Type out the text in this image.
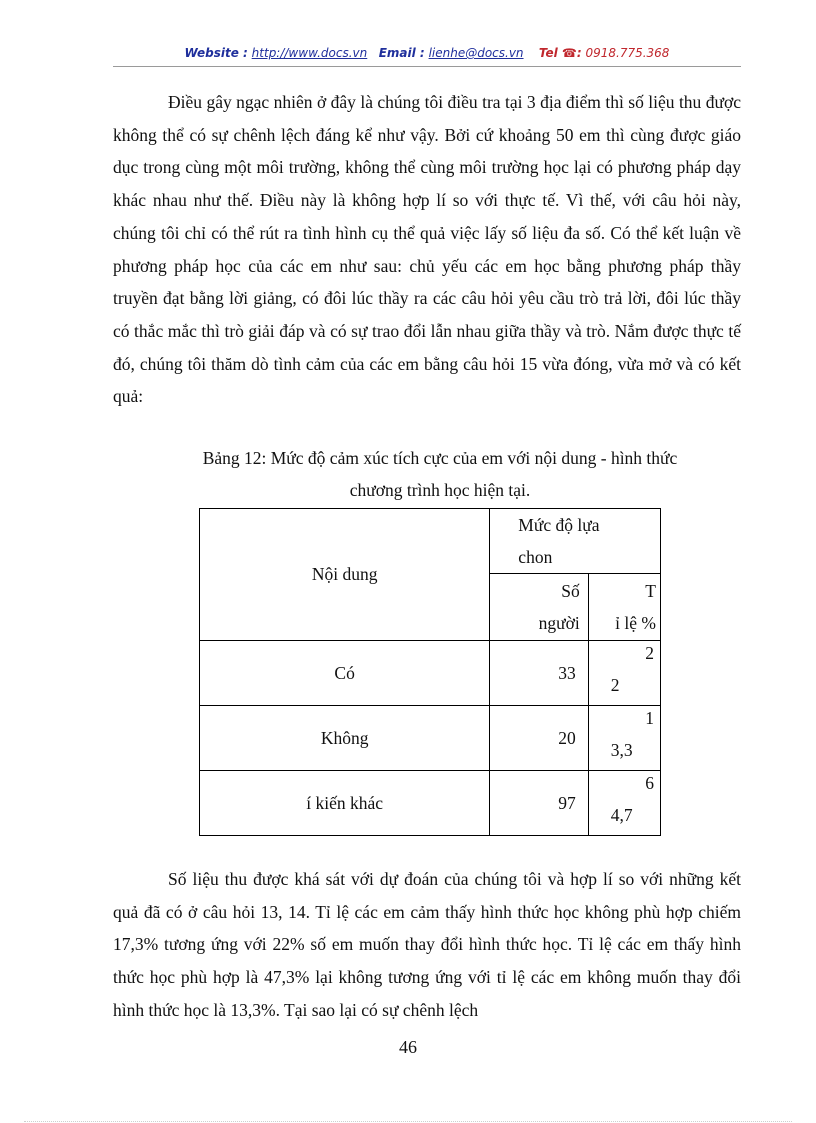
Website : http://www.docs.vn Email : lienhe@docs.vn Tel ☎: 0918.775.368

Điều gây ngạc nhiên ở đây là chúng tôi điều tra tại 3 địa điểm thì số liệu thu được không thể có sự chênh lệch đáng kể như vậy. Bởi cứ khoảng 50 em thì cùng được giáo dục trong cùng một môi trường, không thể cùng môi trường học lại có phương pháp dạy khác nhau như thế. Điều này là không hợp lí so với thực tế. Vì thế, với câu hỏi này, chúng tôi chỉ có thể rút ra tình hình cụ thể quả việc lấy số liệu đa số. Có thể kết luận về phương pháp học của các em như sau: chủ yếu các em học bằng phương pháp thầy truyền đạt bằng lời giảng, có đôi lúc thầy ra các câu hỏi yêu cầu trò trả lời, đôi lúc thầy có thắc mắc thì trò giải đáp và có sự trao đổi lẫn nhau giữa thầy và trò. Nắm được thực tế đó, chúng tôi thăm dò tình cảm của các em bằng câu hỏi 15 vừa đóng, vừa mở và có kết quả:

Bảng 12: Mức độ cảm xúc tích cực của em với nội dung - hình thức
chương trình học hiện tại.

Nội dung	Mức độ lựa
chon	
	Số
người	T
ỉ lệ %
Có	33	2
2

Không	20	1
3,3

í kiến khác	97	6
4,7

Số liệu thu được khá sát với dự đoán của chúng tôi và hợp lí so với những kết quả đã có ở câu hỏi 13, 14. Tỉ lệ các em cảm thấy hình thức học không phù hợp chiếm 17,3% tương ứng với 22% số em muốn thay đổi hình thức học. Tỉ lệ các em thấy hình thức học phù hợp là 47,3% lại không tương ứng với tỉ lệ các em không muốn thay đổi hình thức học là 13,3%. Tại sao lại có sự chênh lệch

46
